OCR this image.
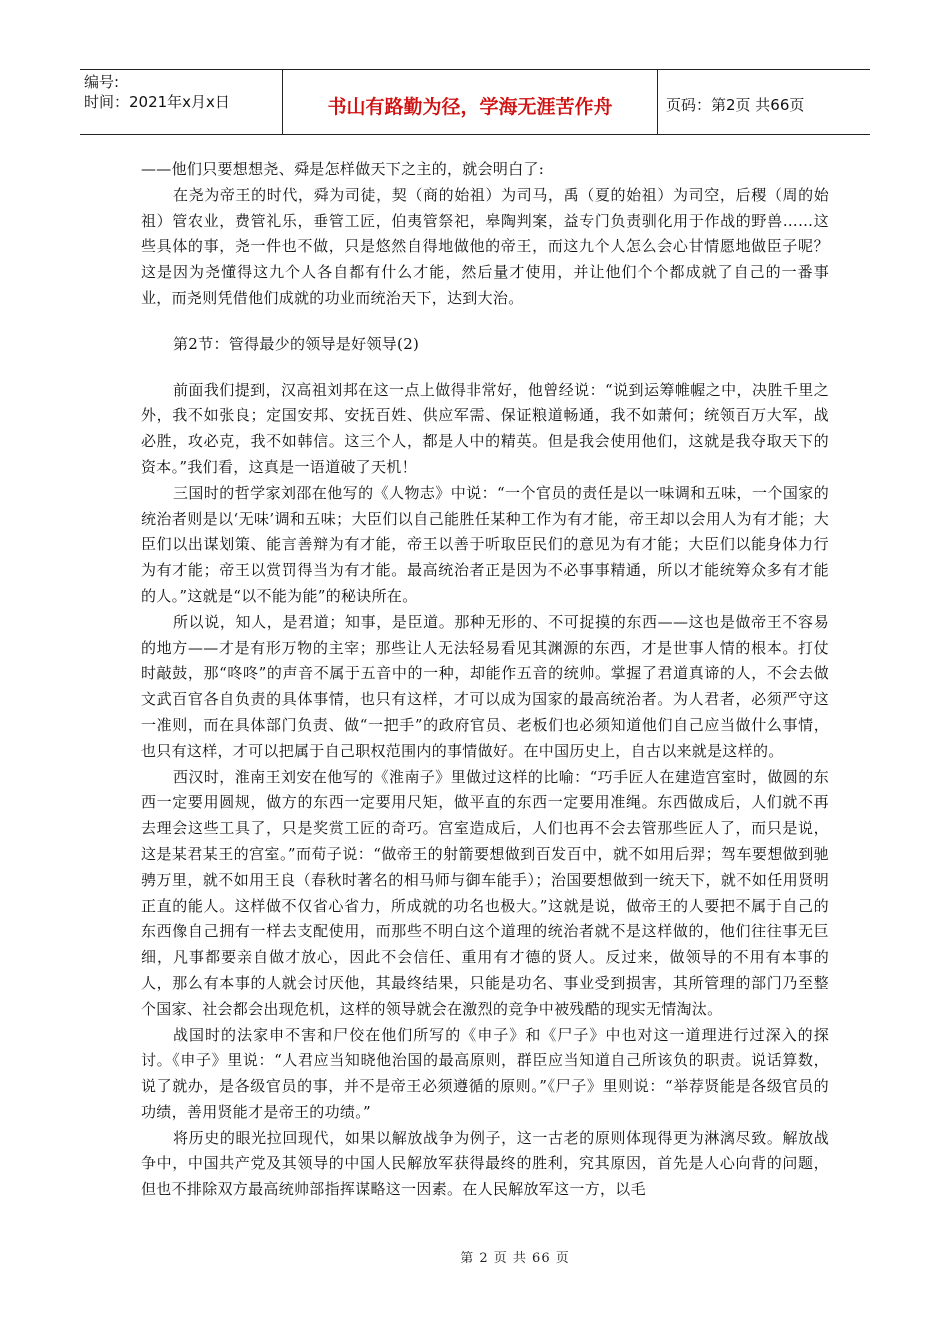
编号:
时间：2021年x月x日	书山有路勤为径，学海无涯苦作舟	页码：第2页 共66页

——他们只要想想尧、舜是怎样做天下之主的，就会明白了:

在尧为帝王的时代，舜为司徒，契（商的始祖）为司马，禹（夏的始祖）为司空，后稷（周的始祖）管农业，费管礼乐，垂管工匠，伯夷管祭祀，皋陶判案，益专门负责驯化用于作战的野兽……这些具体的事，尧一件也不做，只是悠然自得地做他的帝王，而这九个人怎么会心甘情愿地做臣子呢？这是因为尧懂得这九个人各自都有什么才能，然后量才使用，并让他们个个都成就了自己的一番事业，而尧则凭借他们成就的功业而统治天下，达到大治。

第2节：管得最少的领导是好领导(2)

前面我们提到，汉高祖刘邦在这一点上做得非常好，他曾经说：“说到运筹帷幄之中，决胜千里之外，我不如张良；定国安邦、安抚百姓、供应军需、保证粮道畅通，我不如萧何；统领百万大军，战必胜，攻必克，我不如韩信。这三个人，都是人中的精英。但是我会使用他们，这就是我夺取天下的资本。”我们看，这真是一语道破了天机！

三国时的哲学家刘邵在他写的《人物志》中说：“一个官员的责任是以一味调和五味，一个国家的统治者则是以‘无味’调和五味；大臣们以自己能胜任某种工作为有才能，帝王却以会用人为有才能；大臣们以出谋划策、能言善辩为有才能，帝王以善于听取臣民们的意见为有才能；大臣们以能身体力行为有才能；帝王以赏罚得当为有才能。最高统治者正是因为不必事事精通，所以才能统筹众多有才能的人。”这就是“以不能为能”的秘诀所在。

所以说，知人，是君道；知事，是臣道。那种无形的、不可捉摸的东西——这也是做帝王不容易的地方——才是有形万物的主宰；那些让人无法轻易看见其渊源的东西，才是世事人情的根本。打仗时敲鼓，那“咚咚”的声音不属于五音中的一种，却能作五音的统帅。掌握了君道真谛的人，不会去做文武百官各自负责的具体事情，也只有这样，才可以成为国家的最高统治者。为人君者，必须严守这一准则，而在具体部门负责、做“一把手”的政府官员、老板们也必须知道他们自己应当做什么事情，也只有这样，才可以把属于自己职权范围内的事情做好。在中国历史上，自古以来就是这样的。

西汉时，淮南王刘安在他写的《淮南子》里做过这样的比喻：“巧手匠人在建造宫室时，做圆的东西一定要用圆规，做方的东西一定要用尺矩，做平直的东西一定要用准绳。东西做成后，人们就不再去理会这些工具了，只是奖赏工匠的奇巧。宫室造成后，人们也再不会去管那些匠人了，而只是说，这是某君某王的宫室。”而荀子说：“做帝王的射箭要想做到百发百中，就不如用后羿；驾车要想做到驰骋万里，就不如用王良（春秋时著名的相马师与御车能手）；治国要想做到一统天下，就不如任用贤明正直的能人。这样做不仅省心省力，所成就的功名也极大。”这就是说，做帝王的人要把不属于自己的东西像自己拥有一样去支配使用，而那些不明白这个道理的统治者就不是这样做的，他们往往事无巨细，凡事都要亲自做才放心，因此不会信任、重用有才德的贤人。反过来，做领导的不用有本事的人，那么有本事的人就会讨厌他，其最终结果，只能是功名、事业受到损害，其所管理的部门乃至整个国家、社会都会出现危机，这样的领导就会在激烈的竞争中被残酷的现实无情淘汰。

战国时的法家申不害和尸佼在他们所写的《申子》和《尸子》中也对这一道理进行过深入的探讨。《申子》里说：“人君应当知晓他治国的最高原则，群臣应当知道自己所该负的职责。说话算数，说了就办，是各级官员的事，并不是帝王必须遵循的原则。”《尸子》里则说：“举荐贤能是各级官员的功绩，善用贤能才是帝王的功绩。”

将历史的眼光拉回现代，如果以解放战争为例子，这一古老的原则体现得更为淋漓尽致。解放战争中，中国共产党及其领导的中国人民解放军获得最终的胜利，究其原因，首先是人心向背的问题，但也不排除双方最高统帅部指挥谋略这一因素。在人民解放军这一方，以毛

第 2 页 共 66 页
